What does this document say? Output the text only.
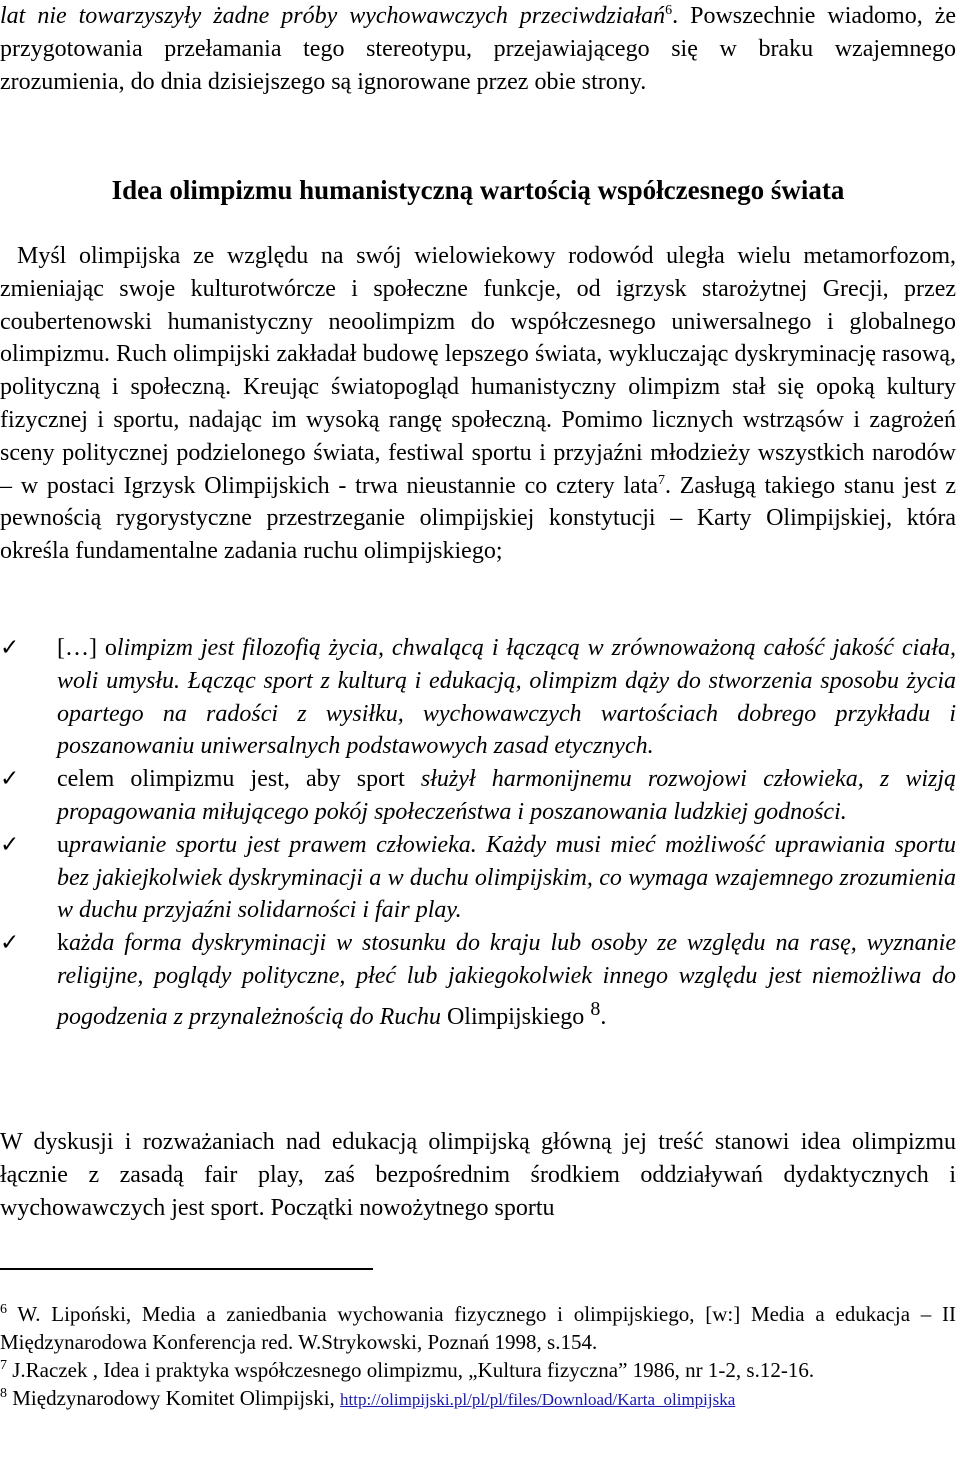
lat nie towarzyszyły żadne próby wychowawczych przeciwdziałań$^6$. Powszechnie wiadomo, że przygotowania przełamania tego stereotypu, przejawiającego się w braku wzajemnego zrozumienia, do dnia dzisiejszego są ignorowane przez obie strony.

Idea olimpizmu humanistyczną wartością współczesnego świata

Myśl olimpijska ze względu na swój wielowiekowy rodowód uległa wielu metamorfozom, zmieniając swoje kulturotwórcze i społeczne funkcje, od igrzysk starożytnej Grecji, przez coubertenowski humanistyczny neoolimpizm do współczesnego uniwersalnego i globalnego olimpizmu. Ruch olimpijski zakładał budowę lepszego świata, wykluczając dyskryminację rasową, polityczną i społeczną. Kreując światopogląd humanistyczny olimpizm stał się opoką kultury fizycznej i sportu, nadając im wysoką rangę społeczną. Pomimo licznych wstrząsów i zagrożeń sceny politycznej podzielonego świata, festiwal sportu i przyjaźni młodzieży wszystkich narodów – w postaci Igrzysk Olimpijskich - trwa nieustannie co cztery lata$^7$. Zasługą takiego stanu jest z pewnością rygorystyczne przestrzeganie olimpijskiej konstytucji – Karty Olimpijskiej, która określa fundamentalne zadania ruchu olimpijskiego;

✓ […] olimpizm jest filozofią życia, chwalącą i łączącą w zrównoważoną całość jakość ciała, woli umysłu. Łącząc sport z kulturą i edukacją, olimpizm dąży do stworzenia sposobu życia opartego na radości z wysiłku, wychowawczych wartościach dobrego przykładu i poszanowaniu uniwersalnych podstawowych zasad etycznych.
✓ celem olimpizmu jest, aby sport służył harmonijnemu rozwojowi człowieka, z wizją propagowania miłującego pokój społeczeństwa i poszanowania ludzkiej godności.
✓ uprawianie sportu jest prawem człowieka. Każdy musi mieć możliwość uprawiania sportu bez jakiejkolwiek dyskryminacji a w duchu olimpijskim, co wymaga wzajemnego zrozumienia w duchu przyjaźni solidarności i fair play.
✓ każda forma dyskryminacji w stosunku do kraju lub osoby ze względu na rasę, wyznanie religijne, poglądy polityczne, płeć lub jakiegokolwiek innego względu jest niemożliwa do pogodzenia z przynależnością do Ruchu Olimpijskiego $^8$.

W dyskusji i rozważaniach nad edukacją olimpijską główną jej treść stanowi idea olimpizmu łącznie z zasadą fair play, zaś bezpośrednim środkiem oddziaływań dydaktycznych i wychowawczych jest sport. Początki nowożytnego sportu

$^6$ W. Lipoński, Media a zaniedbania wychowania fizycznego i olimpijskiego, [w:] Media a edukacja – II Międzynarodowa Konferencja red. W.Strykowski, Poznań 1998, s.154.

$^7$ J.Raczek , Idea i praktyka współczesnego olimpizmu, „Kultura fizyczna” 1986, nr 1-2, s.12-16.

$^8$ Międzynarodowy Komitet Olimpijski, http://olimpijski.pl/pl/pl/files/Download/Karta_olimpijska
